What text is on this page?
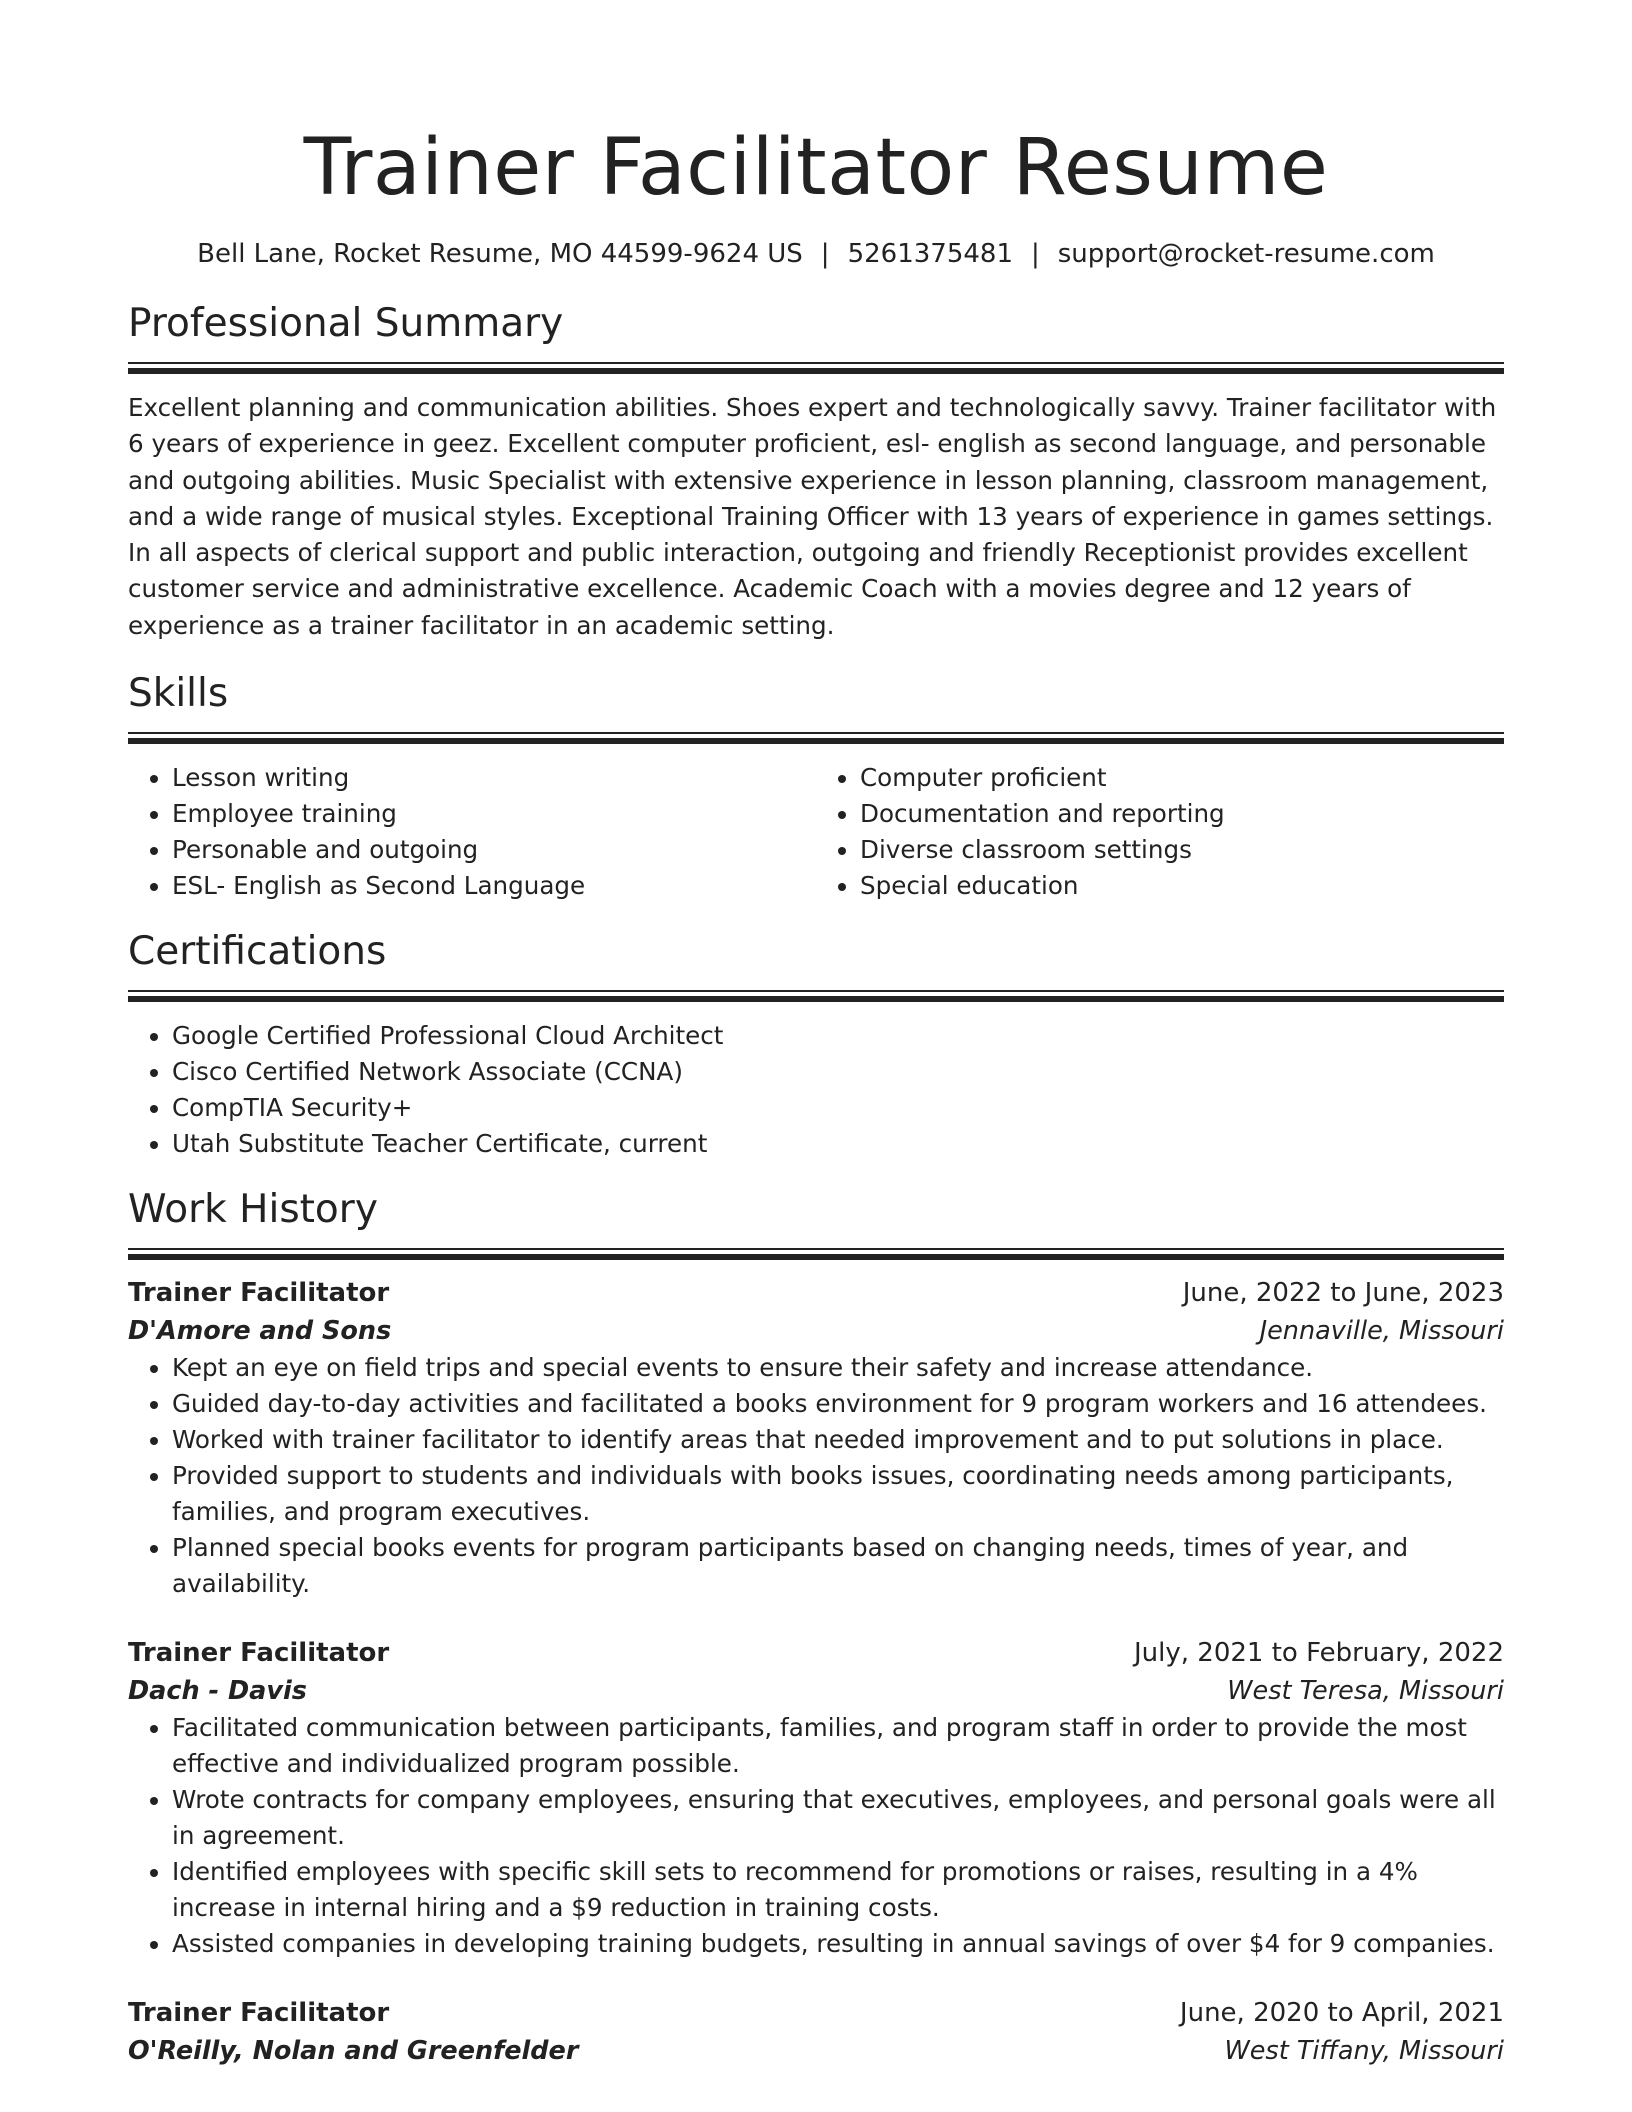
Trainer Facilitator Resume
Bell Lane, Rocket Resume, MO 44599-9624 US | 5261375481 | support@rocket-resume.com
Professional Summary

Excellent planning and communication abilities. Shoes expert and technologically savvy. Trainer facilitator with 6 years of experience in geez. Excellent computer proficient, esl- english as second language, and personable and outgoing abilities. Music Specialist with extensive experience in lesson planning, classroom management, and a wide range of musical styles. Exceptional Training Officer with 13 years of experience in games settings. In all aspects of clerical support and public interaction, outgoing and friendly Receptionist provides excellent customer service and administrative excellence. Academic Coach with a movies degree and 12 years of experience as a trainer facilitator in an academic setting.

Skills
• Lesson writing
• Employee training
• Personable and outgoing
• ESL- English as Second Language
• Computer proficient
• Documentation and reporting
• Diverse classroom settings
• Special education
Certifications
• Google Certified Professional Cloud Architect
• Cisco Certified Network Associate (CCNA)
• CompTIA Security+
• Utah Substitute Teacher Certificate, current
Work History
Trainer Facilitator	June, 2022 to June, 2023
D'Amore and Sons	Jennaville, Missouri
• Kept an eye on field trips and special events to ensure their safety and increase attendance.
• Guided day-to-day activities and facilitated a books environment for 9 program workers and 16 attendees.
• Worked with trainer facilitator to identify areas that needed improvement and to put solutions in place.
• Provided support to students and individuals with books issues, coordinating needs among participants, families, and program executives.
• Planned special books events for program participants based on changing needs, times of year, and availability.
Trainer Facilitator	July, 2021 to February, 2022
Dach - Davis	West Teresa, Missouri
• Facilitated communication between participants, families, and program staff in order to provide the most effective and individualized program possible.
• Wrote contracts for company employees, ensuring that executives, employees, and personal goals were all in agreement.
• Identified employees with specific skill sets to recommend for promotions or raises, resulting in a 4% increase in internal hiring and a $9 reduction in training costs.
• Assisted companies in developing training budgets, resulting in annual savings of over $4 for 9 companies.
Trainer Facilitator	June, 2020 to April, 2021
O'Reilly, Nolan and Greenfelder	West Tiffany, Missouri
